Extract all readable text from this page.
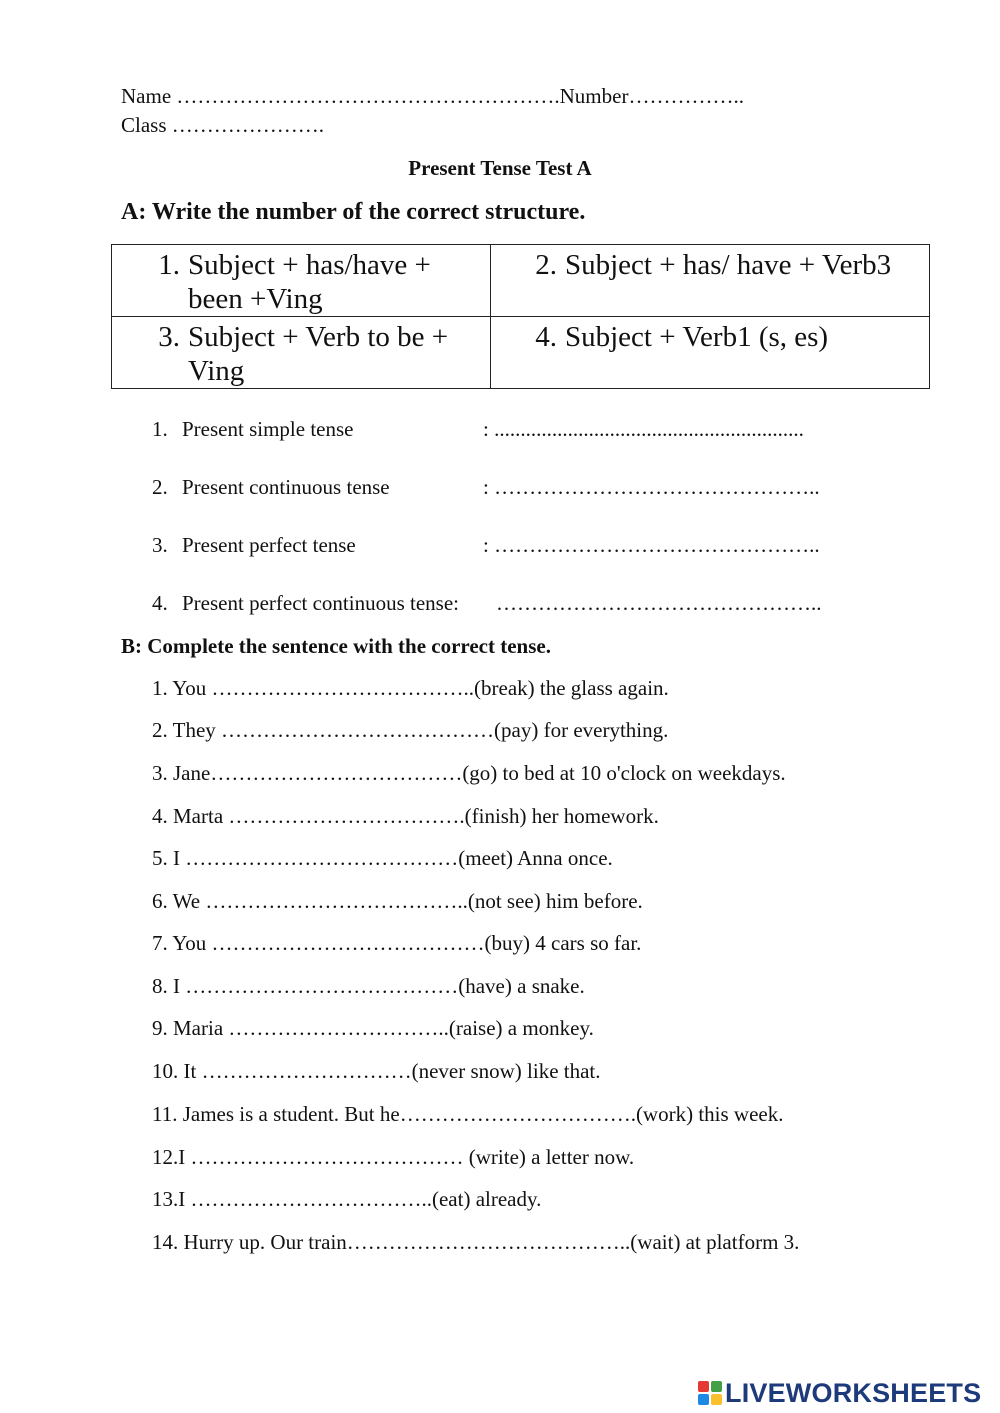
Name ……………………………………………….Number……………..
Class ………………….
Present Tense Test A
A: Write the number of the correct structure.
1. Subject + has/have + been +Ving	2. Subject + has/ have + Verb3

3. Subject + Verb to be + Ving	4. Subject + Verb1 (s, es)
1. Present simple tense	: ...........................................................
2. Present continuous tense	: ………………………………………..
3. Present perfect tense	: ………………………………………..
4. Present perfect continuous tense: ………………………………………..
B: Complete the sentence with the correct tense.
1. You ………………………………..(break) the glass again.
2. They …………………………………(pay) for everything.
3. Jane………………………………(go) to bed at 10 o'clock on weekdays.
4. Marta …………………………….(finish) her homework.
5. I …………………………………(meet) Anna once.
6. We ………………………………..(not see) him before.
7. You …………………………………(buy) 4 cars so far.
8. I …………………………………(have) a snake.
9. Maria …………………………..(raise) a monkey.
10. It …………………………(never snow) like that.
11. James is a student. But he…………………………….(work) this week.
12.I ………………………………… (write) a letter now.
13.I ……………………………..(eat) already.
14. Hurry up. Our train…………………………………..(wait) at platform 3.
LIVEWORKSHEETS
